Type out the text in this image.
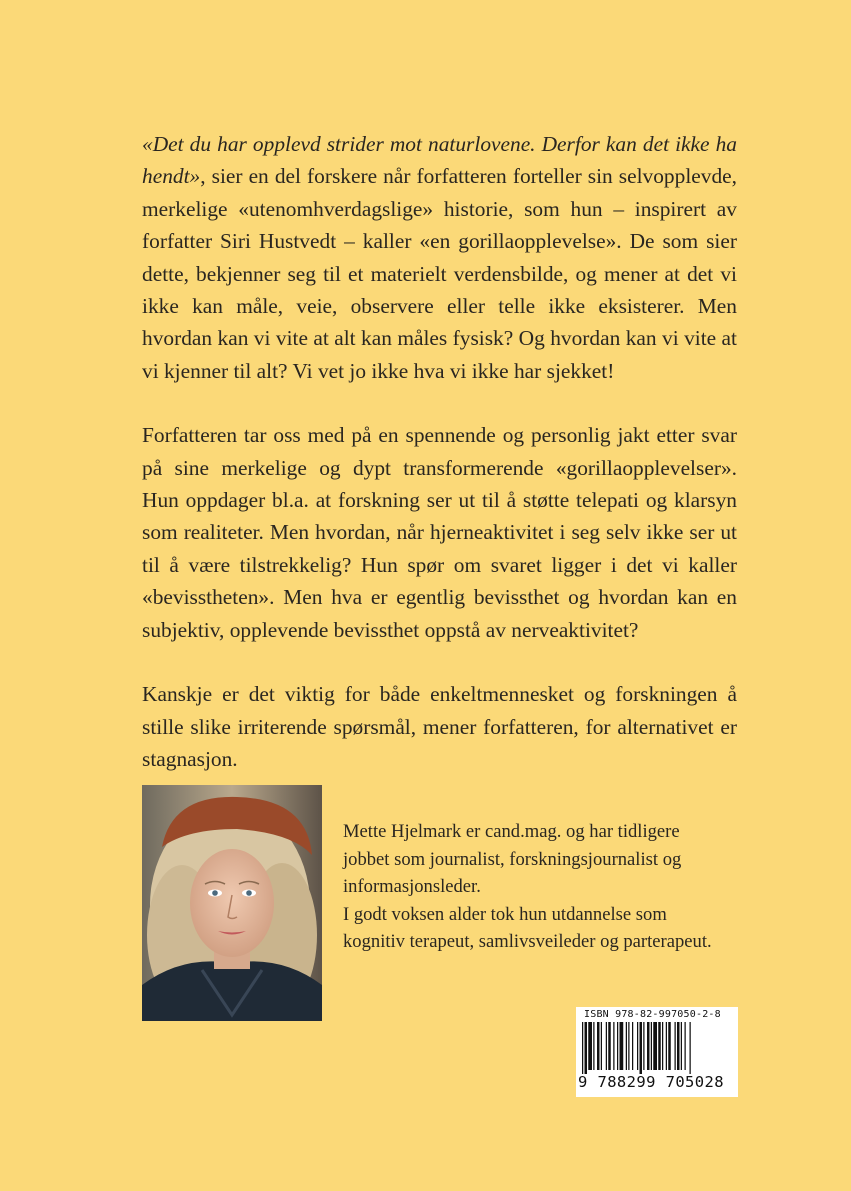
«Det du har opplevd strider mot naturlovene. Derfor kan det ikke ha hendt», sier en del forskere når forfatteren forteller sin selvopplevde, merkelige «utenomhverdagslige» historie, som hun – inspirert av forfatter Siri Hustvedt – kaller «en gorillaopplevelse». De som sier dette, bekjenner seg til et materielt verdensbilde, og mener at det vi ikke kan måle, veie, observere eller telle ikke eksisterer. Men hvordan kan vi vite at alt kan måles fysisk? Og hvordan kan vi vite at vi kjenner til alt? Vi vet jo ikke hva vi ikke har sjekket!

Forfatteren tar oss med på en spennende og personlig jakt etter svar på sine merkelige og dypt transformerende «gorillaopplevelser». Hun oppdager bl.a. at forskning ser ut til å støtte telepati og klarsyn som realiteter. Men hvordan, når hjerneaktivitet i seg selv ikke ser ut til å være tilstrekkelig? Hun spør om svaret ligger i det vi kaller «bevisstheten». Men hva er egentlig bevissthet og hvordan kan en subjektiv, opplevende bevissthet oppstå av nerveaktivitet?

Kanskje er det viktig for både enkeltmennesket og forskningen å stille slike irriterende spørsmål, mener forfatteren, for alternativet er stagnasjon.

Mette Hjelmark er cand.mag. og har tidligere
jobbet som journalist, forskningsjournalist og
informasjonsleder.
I godt voksen alder tok hun utdannelse som
kognitiv terapeut, samlivsveileder og parterapeut.
ISBN 978-82-997050-2-8
9 788299 705028
